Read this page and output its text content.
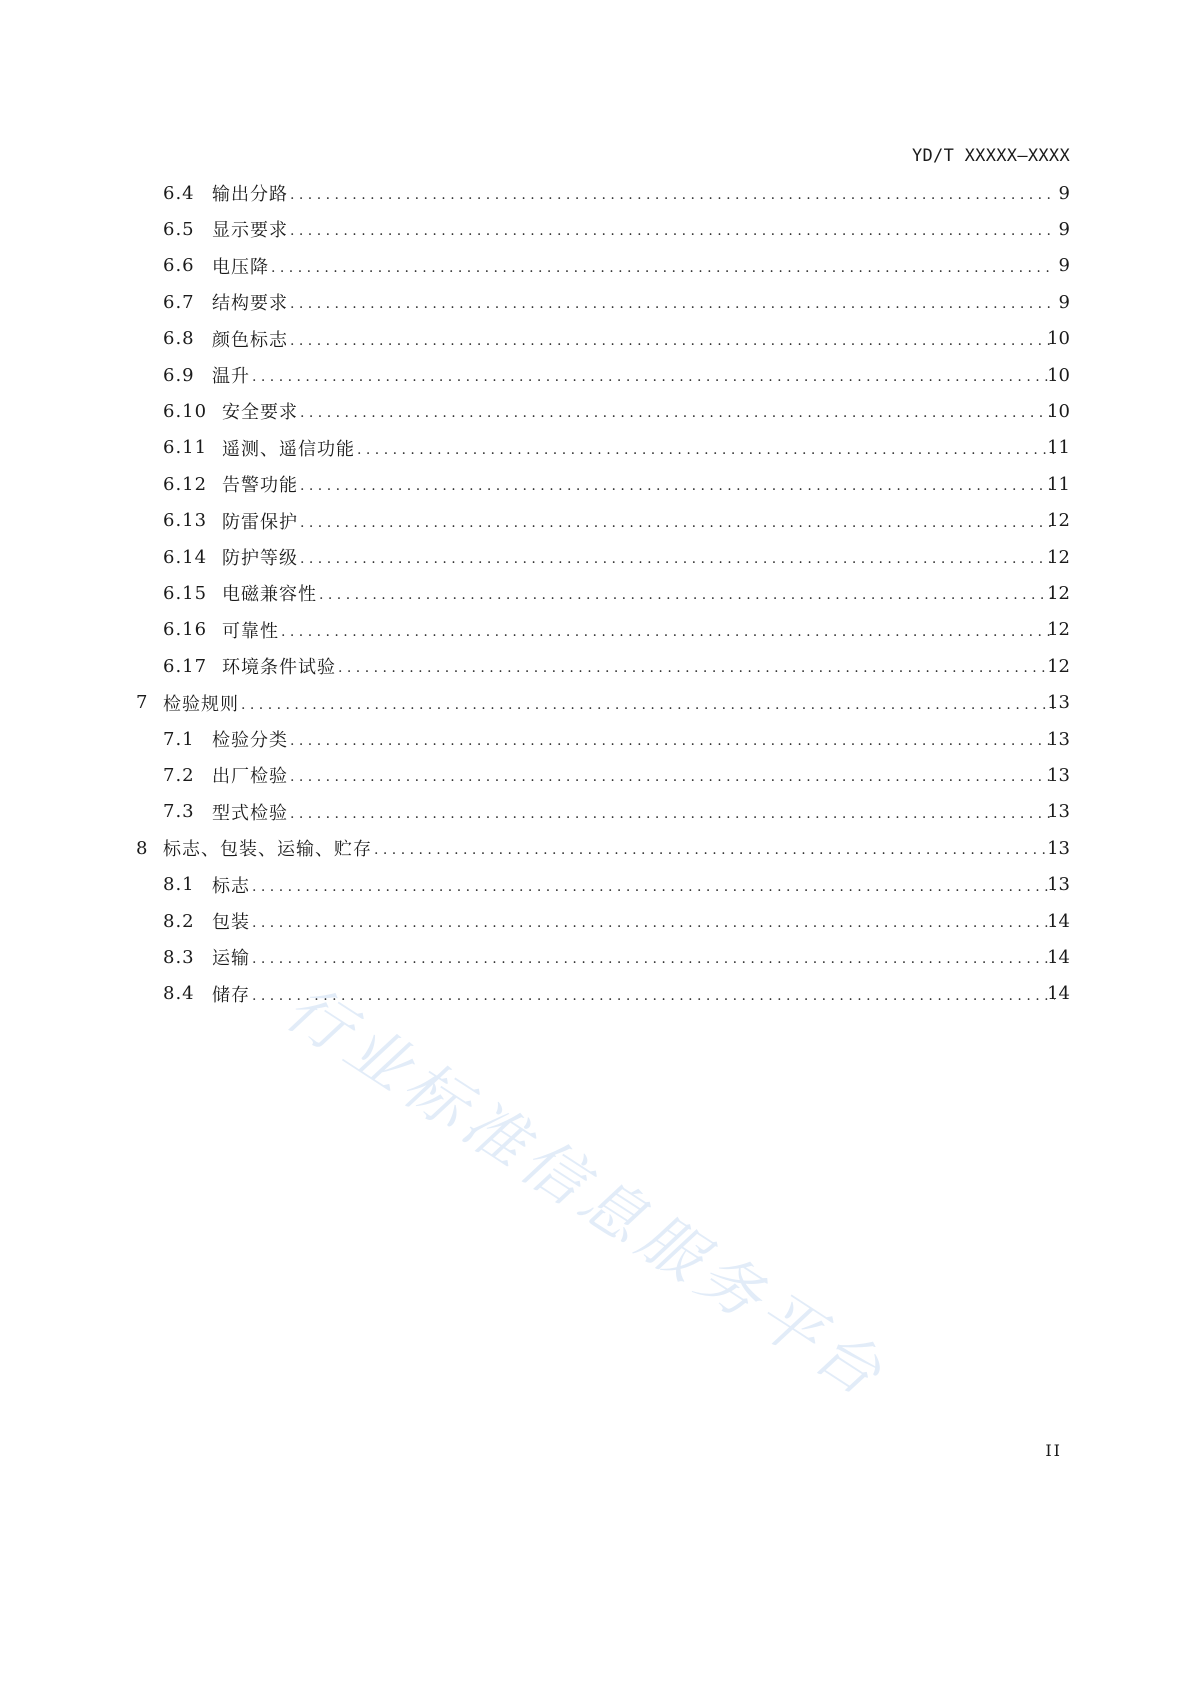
YD/T XXXXX—XXXX
6.4 输出分路 . . .	9
6.5 显示要求 . . .	9
6.6 电压降 . . .	9
6.7 结构要求 . . .	9
6.8 颜色标志 . . .	10
6.9 温升 . . .	10
6.10 安全要求 . . .	10
6.11 遥测、遥信功能 . . .	11
6.12 告警功能 . . .	11
6.13 防雷保护 . . .	12
6.14 防护等级 . . .	12
6.15 电磁兼容性 . . .	12
6.16 可靠性 . . .	12
6.17 环境条件试验 . . .	12
7 检验规则 . . .	13
7.1 检验分类 . . .	13
7.2 出厂检验 . . .	13
7.3 型式检验 . . .	13
8 标志、包装、运输、贮存 . . .	13
8.1 标志 . . .	13
8.2 包装 . . .	14
8.3 运输 . . .	14
8.4 储存 . . .	14
行业标准信息服务平台
II
